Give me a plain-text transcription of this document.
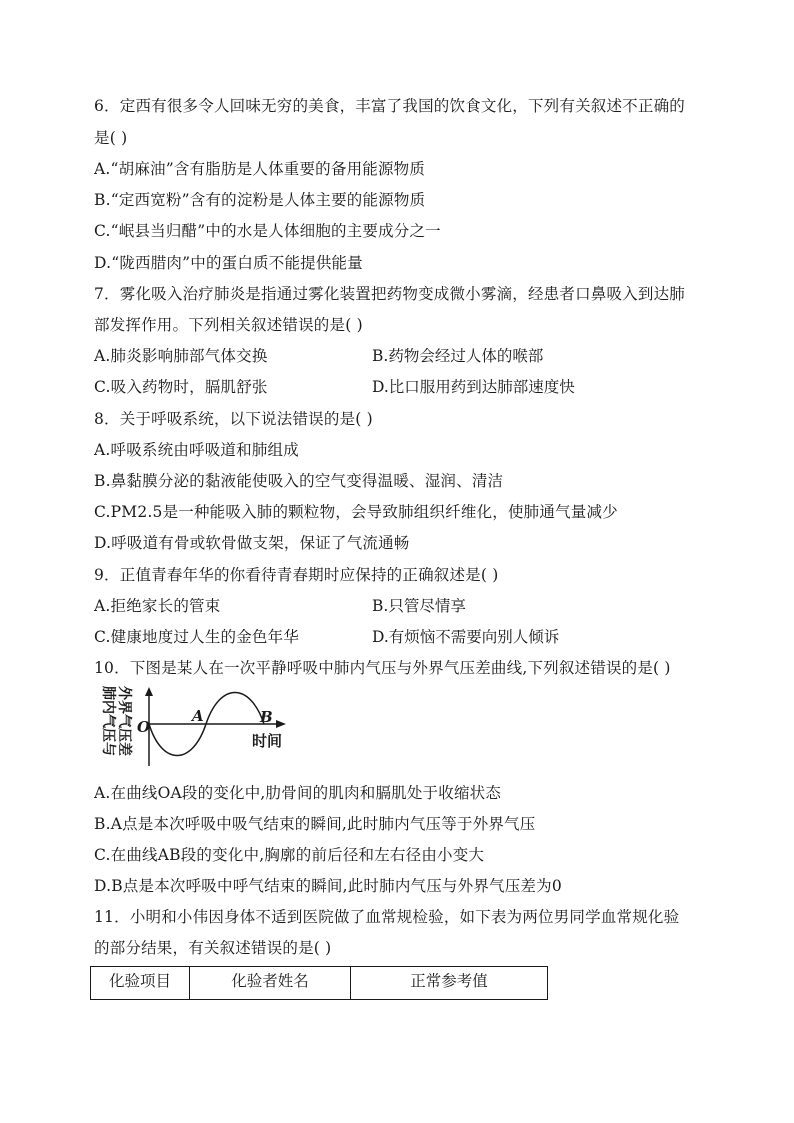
6．定西有很多令人回味无穷的美食，丰富了我国的饮食文化，下列有关叙述不正确的
是( )
A.“胡麻油”含有脂肪是人体重要的备用能源物质
B.“定西宽粉”含有的淀粉是人体主要的能源物质
C.“岷县当归醋”中的水是人体细胞的主要成分之一
D.“陇西腊肉”中的蛋白质不能提供能量
7．雾化吸入治疗肺炎是指通过雾化装置把药物变成微小雾滴，经患者口鼻吸入到达肺
部发挥作用。下列相关叙述错误的是( )
A.肺炎影响肺部气体交换	B.药物会经过人体的喉部
C.吸入药物时，膈肌舒张	D.比口服用药到达肺部速度快
8．关于呼吸系统，以下说法错误的是( )
A.呼吸系统由呼吸道和肺组成
B.鼻黏膜分泌的黏液能使吸入的空气变得温暖、湿润、清洁
C.PM2.5是一种能吸入肺的颗粒物，会导致肺组织纤维化，使肺通气量减少
D.呼吸道有骨或软骨做支架，保证了气流通畅
9．正值青春年华的你看待青春期时应保持的正确叙述是( )
A.拒绝家长的管束	B.只管尽情享
C.健康地度过人生的金色年华	D.有烦恼不需要向别人倾诉
10．下图是某人在一次平静呼吸中肺内气压与外界气压差曲线,下列叙述错误的是( )
肺内气压与 外界气压差 O
A	B
时间
A.在曲线OA段的变化中,肋骨间的肌肉和膈肌处于收缩状态
B.A点是本次呼吸中吸气结束的瞬间,此时肺内气压等于外界气压
C.在曲线AB段的变化中,胸廓的前后径和左右径由小变大
D.B点是本次呼吸中呼气结束的瞬间,此时肺内气压与外界气压差为0
11．小明和小伟因身体不适到医院做了血常规检验，如下表为两位男同学血常规化验
的部分结果，有关叙述错误的是( )
化验项目	化验者姓名	正常参考值
